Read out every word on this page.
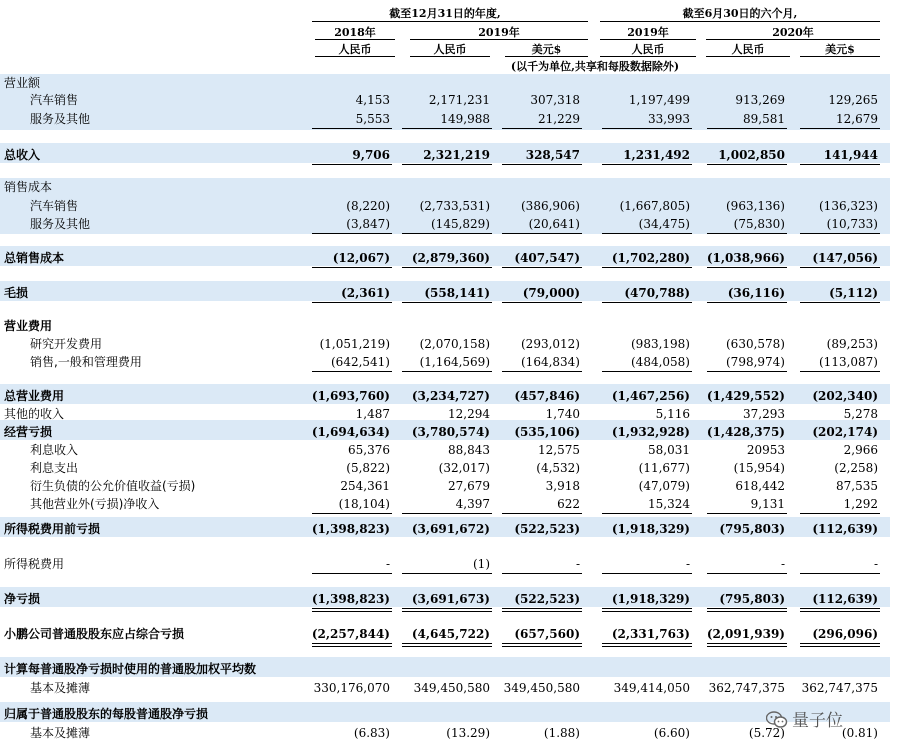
截至12月31日的年度,	截至6月30日的六个月,
2018年	2019年	2019年	2020年
人民币	人民币	美元$	人民币	人民币	美元$
(以千为单位,共享和每股数据除外)
营业额
汽车销售	4,153	2,171,231	307,318	1,197,499	913,269	129,265
服务及其他	5,553	149,988	21,229	33,993	89,581	12,679
总收入	9,706	2,321,219	328,547	1,231,492	1,002,850	141,944
销售成本
汽车销售	(8,220)	(2,733,531)	(386,906)	(1,667,805)	(963,136)	(136,323)
服务及其他	(3,847)	(145,829)	(20,641)	(34,475)	(75,830)	(10,733)
总销售成本	(12,067)	(2,879,360)	(407,547)	(1,702,280)	(1,038,966)	(147,056)
毛损	(2,361)	(558,141)	(79,000)	(470,788)	(36,116)	(5,112)
营业费用
研究开发费用	(1,051,219)	(2,070,158)	(293,012)	(983,198)	(630,578)	(89,253)
销售,一般和管理费用	(642,541)	(1,164,569)	(164,834)	(484,058)	(798,974)	(113,087)
总营业费用	(1,693,760)	(3,234,727)	(457,846)	(1,467,256)	(1,429,552)	(202,340)
其他的收入	1,487	12,294	1,740	5,116	37,293	5,278
经营亏损	(1,694,634)	(3,780,574)	(535,106)	(1,932,928)	(1,428,375)	(202,174)
利息收入	65,376	88,843	12,575	58,031	20953	2,966
利息支出	(5,822)	(32,017)	(4,532)	(11,677)	(15,954)	(2,258)
衍生负债的公允价值收益(亏损)	254,361	27,679	3,918	(47,079)	618,442	87,535
其他营业外(亏损)净收入	(18,104)	4,397	622	15,324	9,131	1,292
所得税费用前亏损	(1,398,823)	(3,691,672)	(522,523)	(1,918,329)	(795,803)	(112,639)
所得税费用	-	(1)	-	-	-	-
净亏损	(1,398,823)	(3,691,673)	(522,523)	(1,918,329)	(795,803)	(112,639)
小鹏公司普通股股东应占综合亏损	(2,257,844)	(4,645,722)	(657,560)	(2,331,763)	(2,091,939)	(296,096)
计算每普通股净亏损时使用的普通股加权平均数
基本及摊薄	330,176,070	349,450,580	349,450,580	349,414,050	362,747,375	362,747,375
归属于普通股股东的每股普通股净亏损
基本及摊薄	(6.83)	(13.29)	(1.88)	(6.60)	(5.72)	(0.81)
量子位
